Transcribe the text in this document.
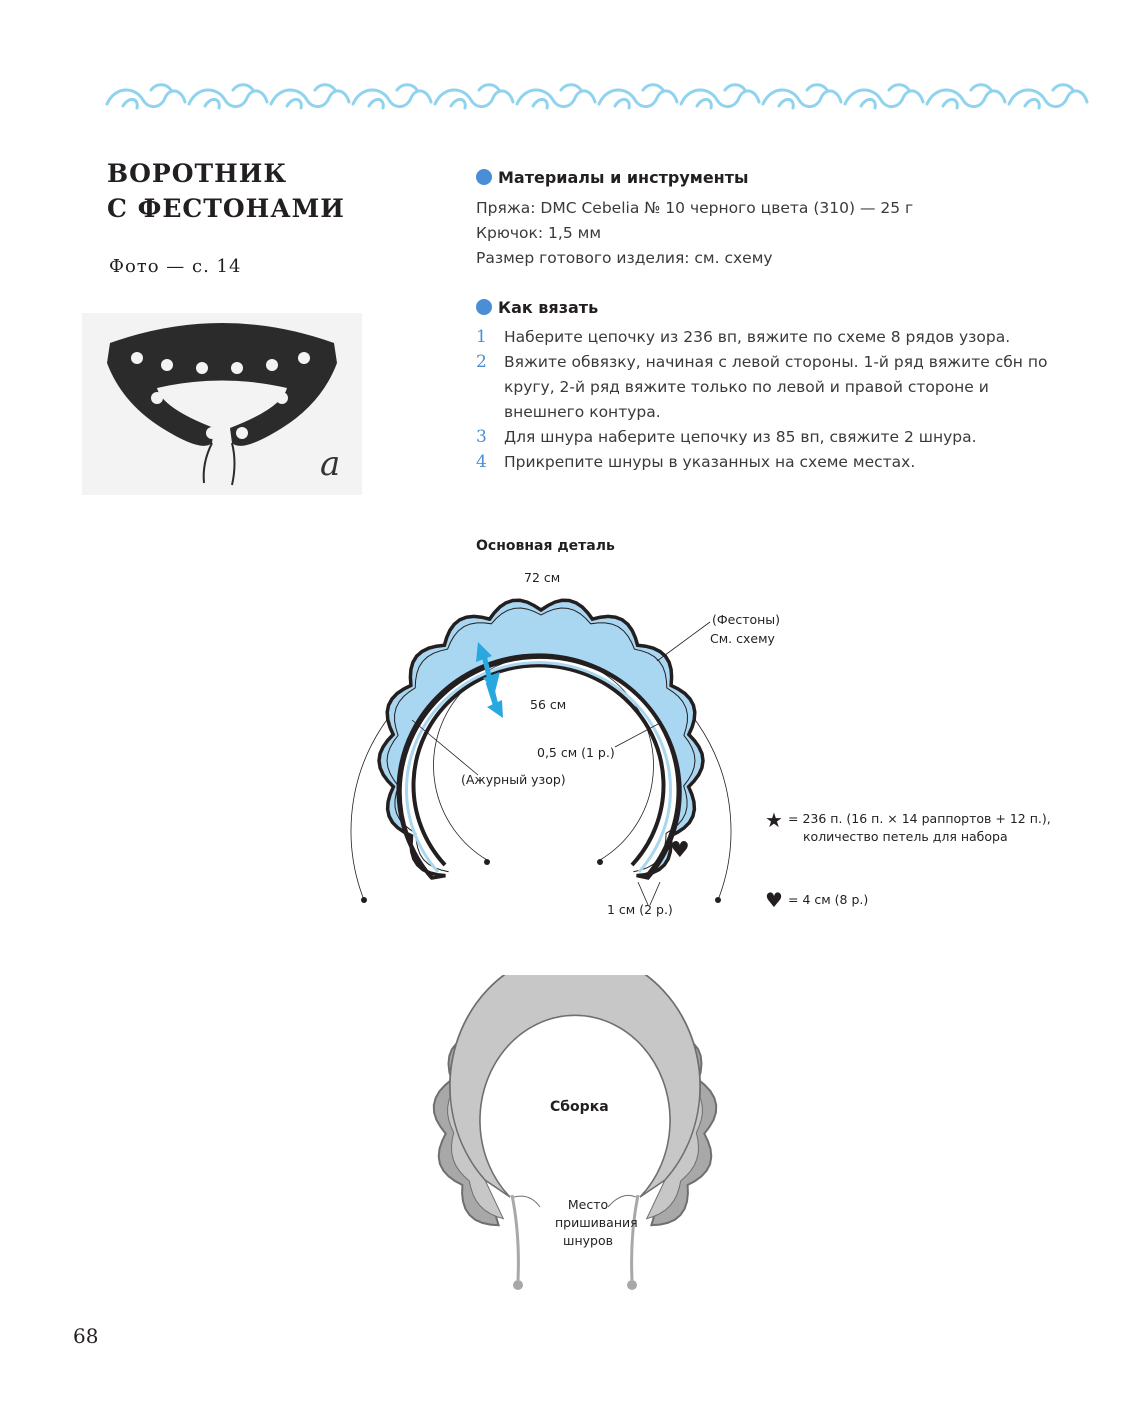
ВОРОТНИК
С ФЕСТОНАМИ
Фото — с. 14
a
Материалы и инструменты
Пряжа: DMC Cebelia № 10 черного цвета (310) — 25 г
Крючок: 1,5 мм
Размер готового изделия: см. схему
Как вязать
1 Наберите цепочку из 236 вп, вяжите по схеме 8 рядов узора.
2 Вяжите обвязку, начиная с левой стороны. 1-й ряд вяжите сбн по кругу, 2-й ряд вяжите только по левой и правой стороне и внешнего контура.
3 Для шнура наберите цепочку из 85 вп, свяжите 2 шнура.
4 Прикрепите шнуры в указанных на схеме местах.
Основная деталь
♥
72 см
(Фестоны)
См. схему
56 см
0,5 см (1 р.)
(Ажурный узор)
1 см (2 р.)
★ = 236 п. (16 п. × 14 раппортов + 12 п.),
количество петель для набора
♥ = 4 см (8 р.)
Сборка
Место
пришивания
шнуров
68
